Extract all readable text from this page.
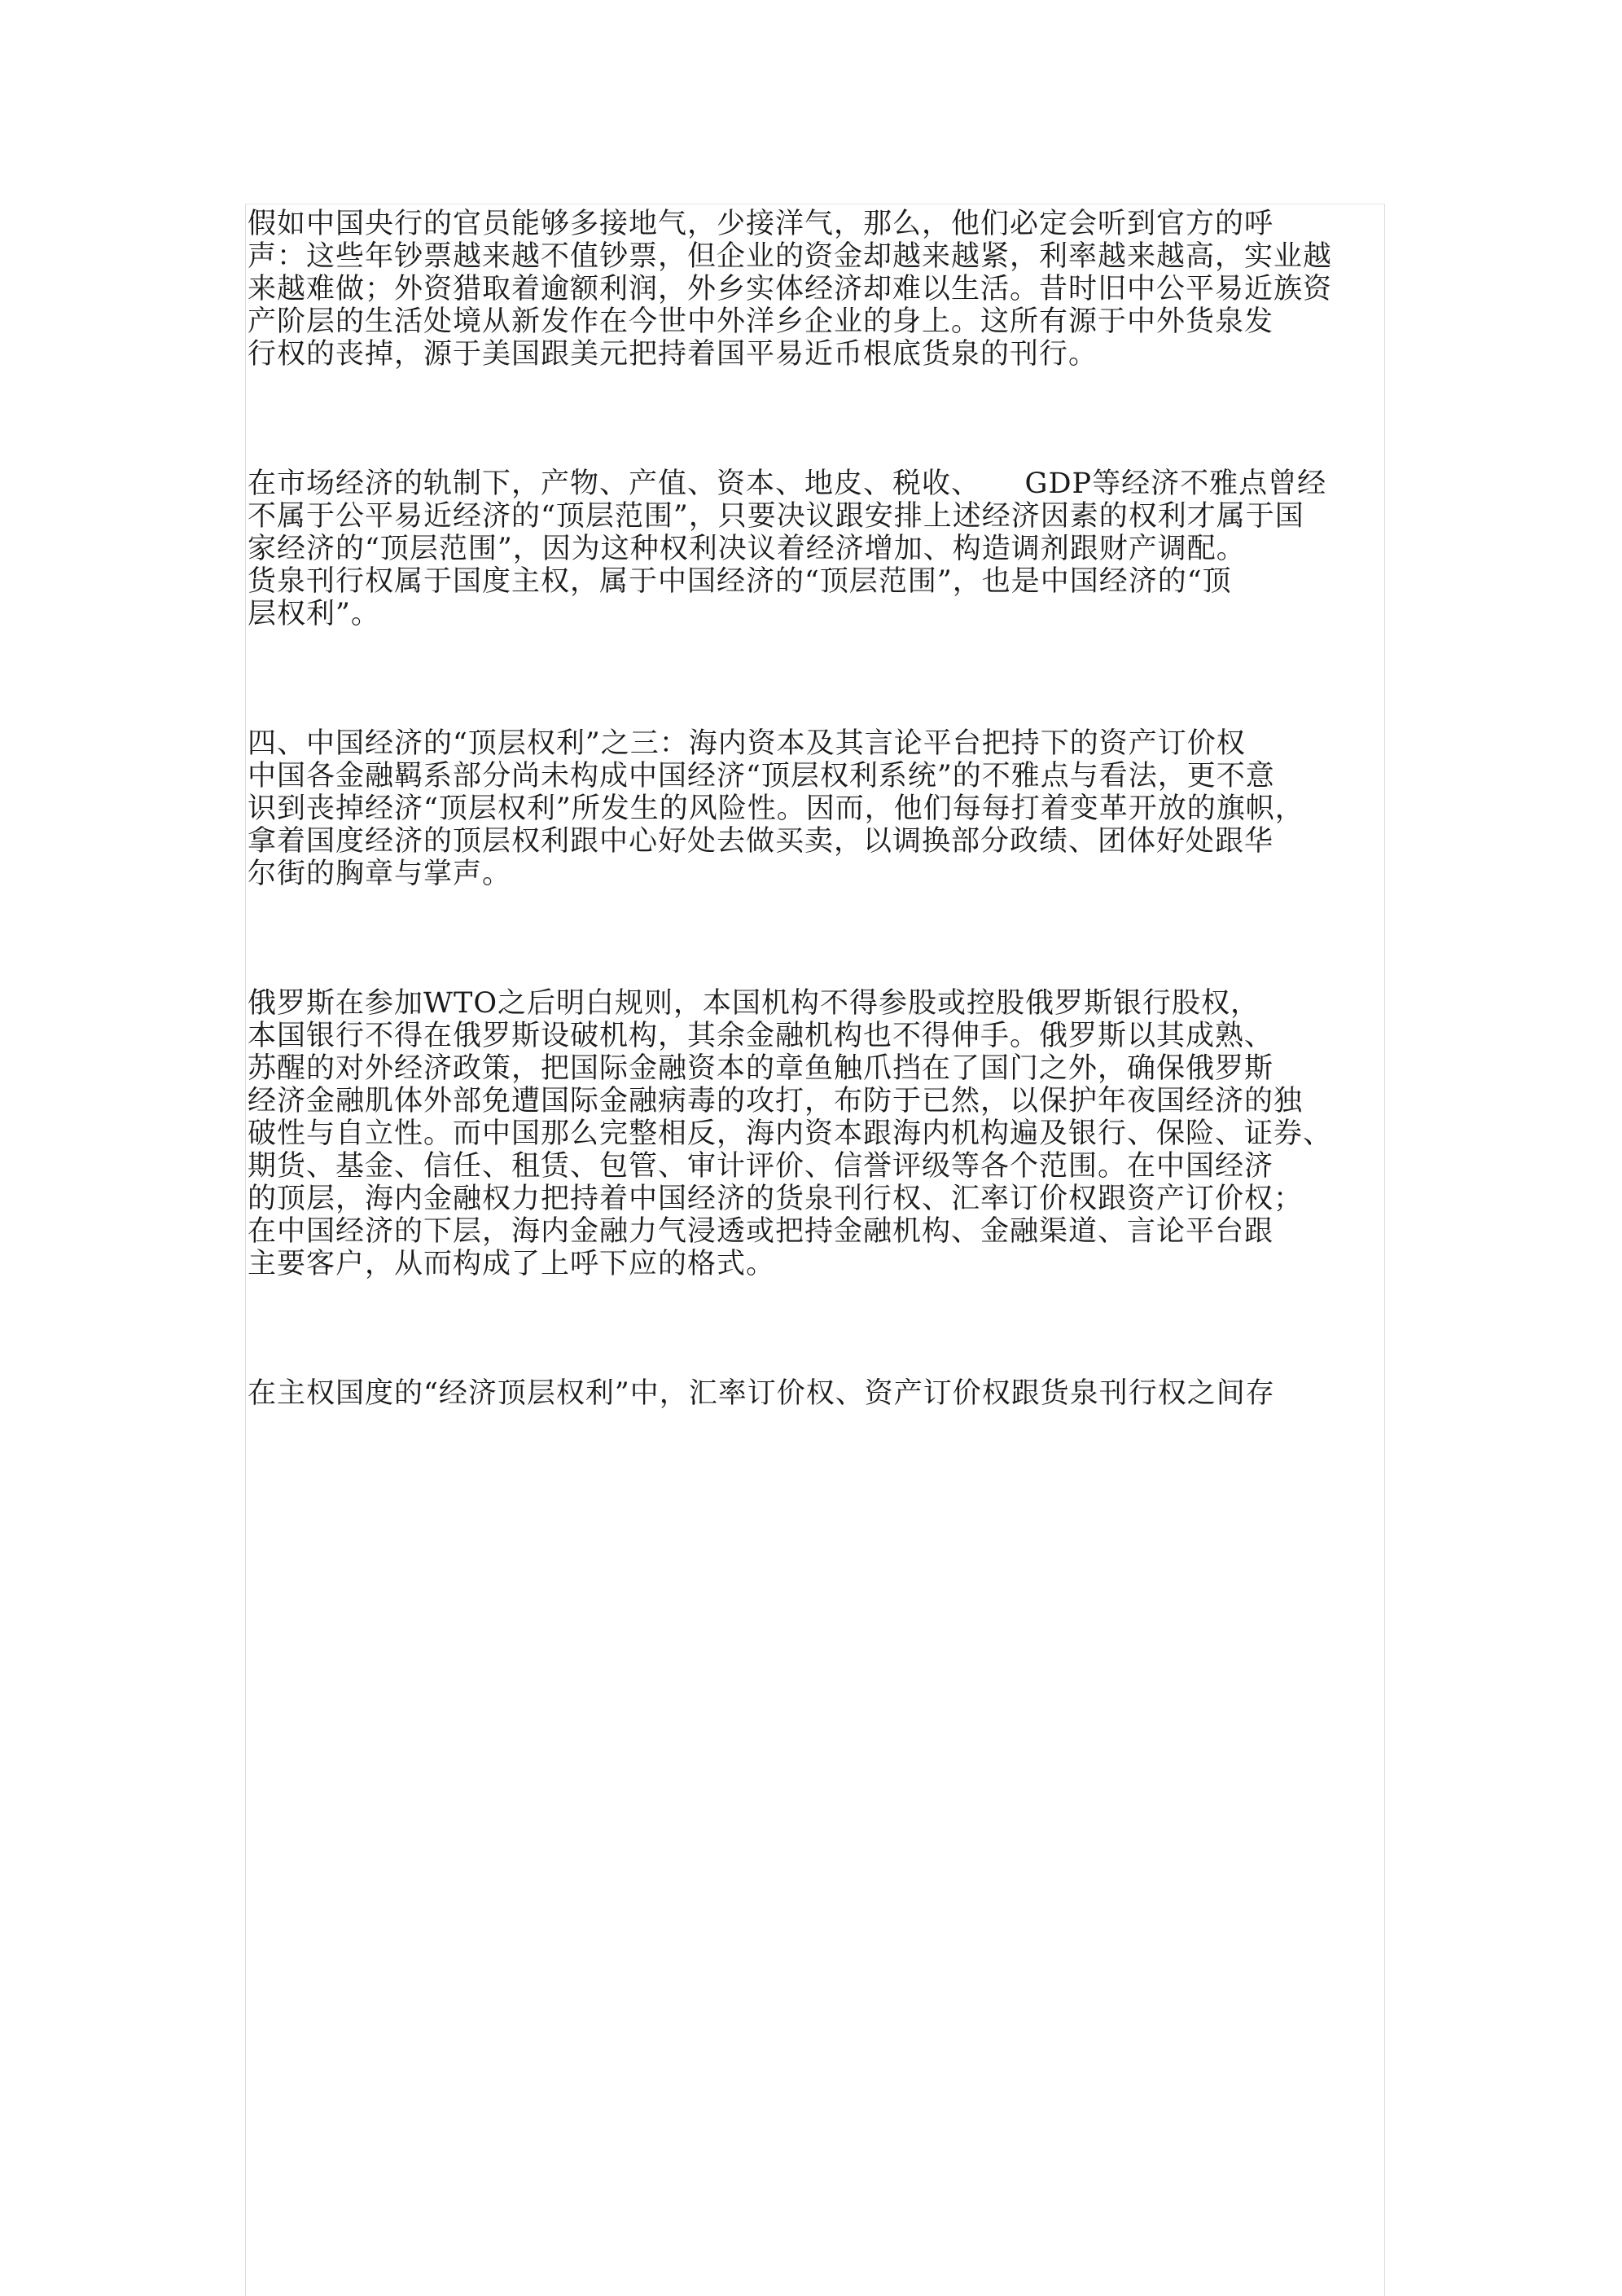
假如中国央行的官员能够多接地气，少接洋气，那么，他们必定会听到官方的呼
声：这些年钞票越来越不值钞票，但企业的资金却越来越紧，利率越来越高，实业越
来越难做；外资猎取着逾额利润，外乡实体经济却难以生活。昔时旧中公平易近族资
产阶层的生活处境从新发作在今世中外洋乡企业的身上。这所有源于中外货泉发
行权的丧掉，源于美国跟美元把持着国平易近币根底货泉的刊行。
在市场经济的轨制下，产物、产值、资本、地皮、税收、　　GDP等经济不雅点曾经
不属于公平易近经济的“顶层范围”，只要决议跟安排上述经济因素的权利才属于国
家经济的“顶层范围”，因为这种权利决议着经济增加、构造调剂跟财产调配。
货泉刊行权属于国度主权，属于中国经济的“顶层范围”，也是中国经济的“顶
层权利”。
四、中国经济的“顶层权利”之三：海内资本及其言论平台把持下的资产订价权
中国各金融羁系部分尚未构成中国经济“顶层权利系统”的不雅点与看法，更不意
识到丧掉经济“顶层权利”所发生的风险性。因而，他们每每打着变革开放的旗帜，
拿着国度经济的顶层权利跟中心好处去做买卖，以调换部分政绩、团体好处跟华
尔街的胸章与掌声。
俄罗斯在参加WTO之后明白规则，本国机构不得参股或控股俄罗斯银行股权，
本国银行不得在俄罗斯设破机构，其余金融机构也不得伸手。俄罗斯以其成熟、
苏醒的对外经济政策，把国际金融资本的章鱼触爪挡在了国门之外，确保俄罗斯
经济金融肌体外部免遭国际金融病毒的攻打，布防于已然，以保护年夜国经济的独
破性与自立性。而中国那么完整相反，海内资本跟海内机构遍及银行、保险、证券、
期货、基金、信任、租赁、包管、审计评价、信誉评级等各个范围。在中国经济
的顶层，海内金融权力把持着中国经济的货泉刊行权、汇率订价权跟资产订价权；
在中国经济的下层，海内金融力气浸透或把持金融机构、金融渠道、言论平台跟
主要客户，从而构成了上呼下应的格式。
在主权国度的“经济顶层权利”中，汇率订价权、资产订价权跟货泉刊行权之间存
